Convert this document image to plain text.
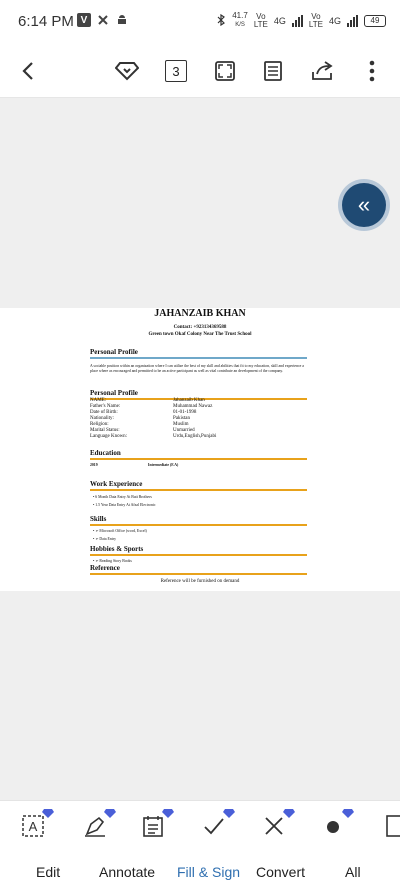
6:14 PM V	41.7
K/S
Vo
LTE 4G	Vo
LTE 4G	49
3
«
JAHANZAIB KHAN
Contact: +923134369588
Green town Okaf Colony Near The Trust School
Personal Profile
A sociable position within an organization where I can utilize the best of my skill and abilities that fit to my education, skill and experience a place where as encouraged and permitted to be an active participant as well as vital contribute an development of the company.
Personal Profile
NAME:	Jahanzaib Khan
Father's Name:	Muhammad Nawaz
Date of Birth:	01-01-1998
Nationality:	Pakistan
Religion:	Muslim
Marital Status:	Unmarried
Language Known:	Urdu,English,Punjabi
Education
2019	Intermediate (F.A)
Work Experience
• 6 Month Data Entry At Butt Brothers
• 1.5 Year Data Entry At Afzal Electronic
Skills
• ➢ Microsoft Office (word, Excel)
• ➢ Data Entry
Hobbies & Sports
• ➢ Reading Story Books
Reference
Reference will be furnished on demand
A
Edit	Annotate Fill & Sign Convert	All
